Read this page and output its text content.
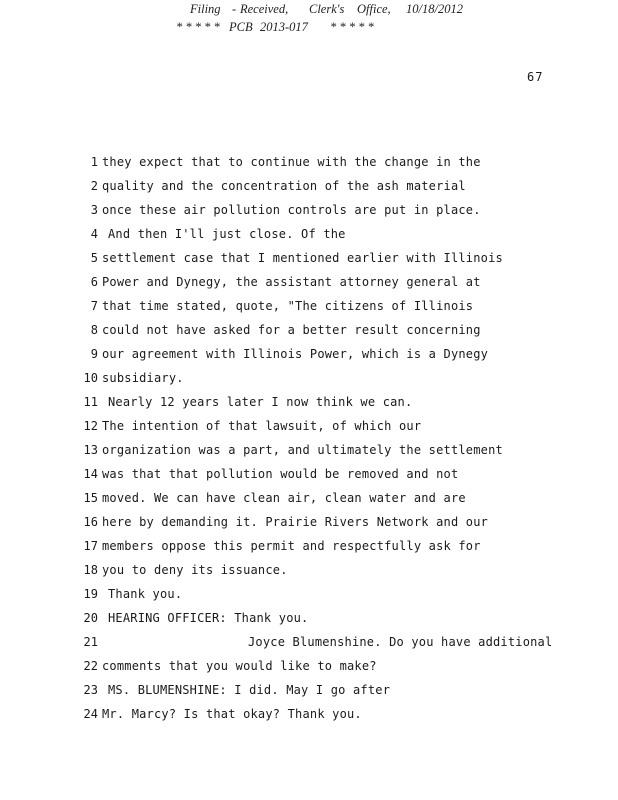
Filing - Received, Clerk's Office, 10/18/2012
* * * * * PCB 2013-017 * * * * *
67
1 they expect that to continue with the change in the
2 quality and the concentration of the ash material
3 once these air pollution controls are put in place.
4 And then I'll just close. Of the
5 settlement case that I mentioned earlier with Illinois
6 Power and Dynegy, the assistant attorney general at
7 that time stated, quote, "The citizens of Illinois
8 could not have asked for a better result concerning
9 our agreement with Illinois Power, which is a Dynegy
10 subsidiary.
11 Nearly 12 years later I now think we can.
12 The intention of that lawsuit, of which our
13 organization was a part, and ultimately the settlement
14 was that that pollution would be removed and not
15 moved. We can have clean air, clean water and are
16 here by demanding it. Prairie Rivers Network and our
17 members oppose this permit and respectfully ask for
18 you to deny its issuance.
19 Thank you.
20 HEARING OFFICER: Thank you.
21	Joyce Blumenshine. Do you have additional
22 comments that you would like to make?
23 MS. BLUMENSHINE: I did. May I go after
24 Mr. Marcy? Is that okay? Thank you.
